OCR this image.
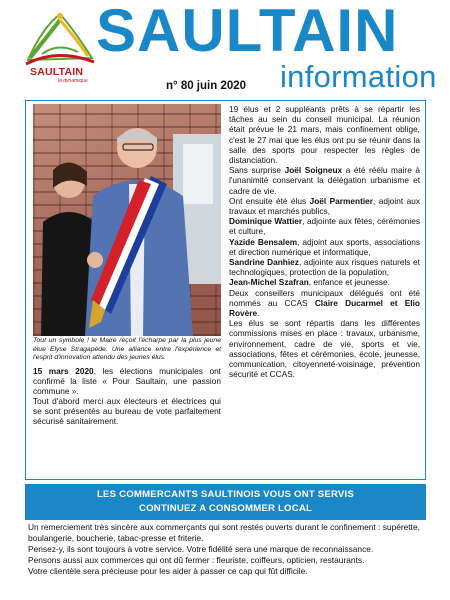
SAULTAIN
la dynamique
SAULTAIN
n° 80 juin 2020 information
Tout un symbole ! le Maire reçoit l'écharpe par la plus jeune élue Elyse Stragapède. Une alliance entre l'expérience et l'esprit d'innovation attendu des jeunes élus.

15 mars 2020, les élections municipales ont confirmé la liste « Pour Saultain, une passion commune ».

Tout d'abord merci aux électeurs et électrices qui se sont présentés au bureau de vote parfaitement sécurisé sanitairement.

19 élus et 2 suppléants prêts à se répartir les tâches au sein du conseil municipal. La réunion était prévue le 21 mars, mais confinement oblige, c'est le 27 mai que les élus ont pu se réunir dans la salle des sports pour respecter les règles de distanciation.

Sans surprise Joël Soigneux a été réélu maire à l'unanimité conservant la délégation urbanisme et cadre de vie.

Ont ensuite été élus Joël Parmentier, adjoint aux travaux et marchés publics,

Dominique Wattier, adjointe aux fêtes, cérémonies et culture,

Yazide Bensalem, adjoint aux sports, associations et direction numérique et informatique,

Sandrine Danhiez, adjointe aux risques naturels et technologiques, protection de la population,

Jean-Michel Szafran, enfance et jeunesse.

Deux conseillers municipaux délégués ont été nommés au CCAS Claire Ducarmel et Elio Rovère.

Les élus se sont répartis dans les différentes commissions mises en place : travaux, urbanisme, environnement, cadre de vie, sports et vie, associations, fêtes et cérémonies, école, jeunesse, communication, citoyenneté-voisinage, prévention sécurité et CCAS.

LES COMMERCANTS SAULTINOIS VOUS ONT SERVIS
CONTINUEZ A CONSOMMER LOCAL

Un remerciement très sincère aux commerçants qui sont restés ouverts durant le confinement : supérette, boulangerie, boucherie, tabac-presse et friterie.

Pensez-y, ils sont toujours à votre service. Votre fidélité sera une marque de reconnaissance.

Pensons aussi aux commerces qui ont dû fermer : fleuriste, coiffeurs, opticien, restaurants.

Votre clientèle sera précieuse pour les aider à passer ce cap qui fût difficile.
